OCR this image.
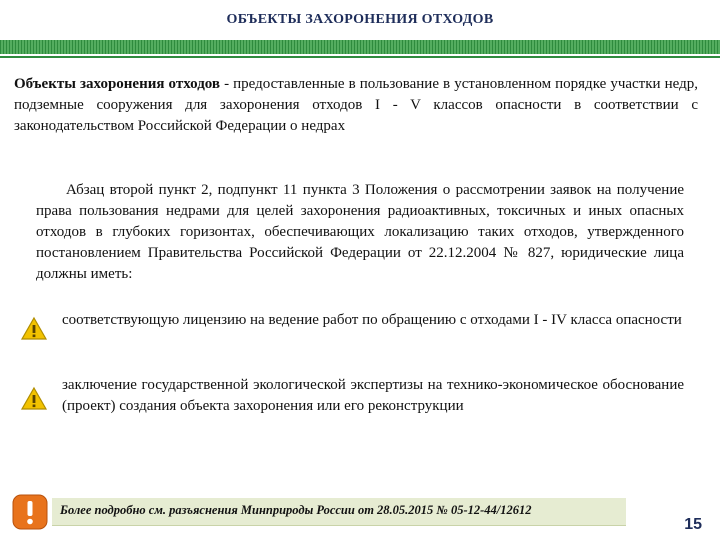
ОБЪЕКТЫ ЗАХОРОНЕНИЯ ОТХОДОВ
Объекты захоронения отходов - предоставленные в пользование в установленном порядке участки недр, подземные сооружения для захоронения отходов I - V классов опасности в соответствии с законодательством Российской Федерации о недрах
Абзац второй пункт 2, подпункт 11 пункта 3 Положения о рассмотрении заявок на получение права пользования недрами для целей захоронения радиоактивных, токсичных и иных опасных отходов в глубоких горизонтах, обеспечивающих локализацию таких отходов, утвержденного постановлением Правительства Российской Федерации от 22.12.2004 № 827, юридические лица должны иметь:
соответствующую лицензию на ведение работ по обращению с отходами I - IV класса опасности
заключение государственной экологической экспертизы на технико-экономическое обоснование (проект) создания объекта захоронения или его реконструкции
Более подробно см. разъяснения Минприроды России от 28.05.2015 № 05-12-44/12612
15
